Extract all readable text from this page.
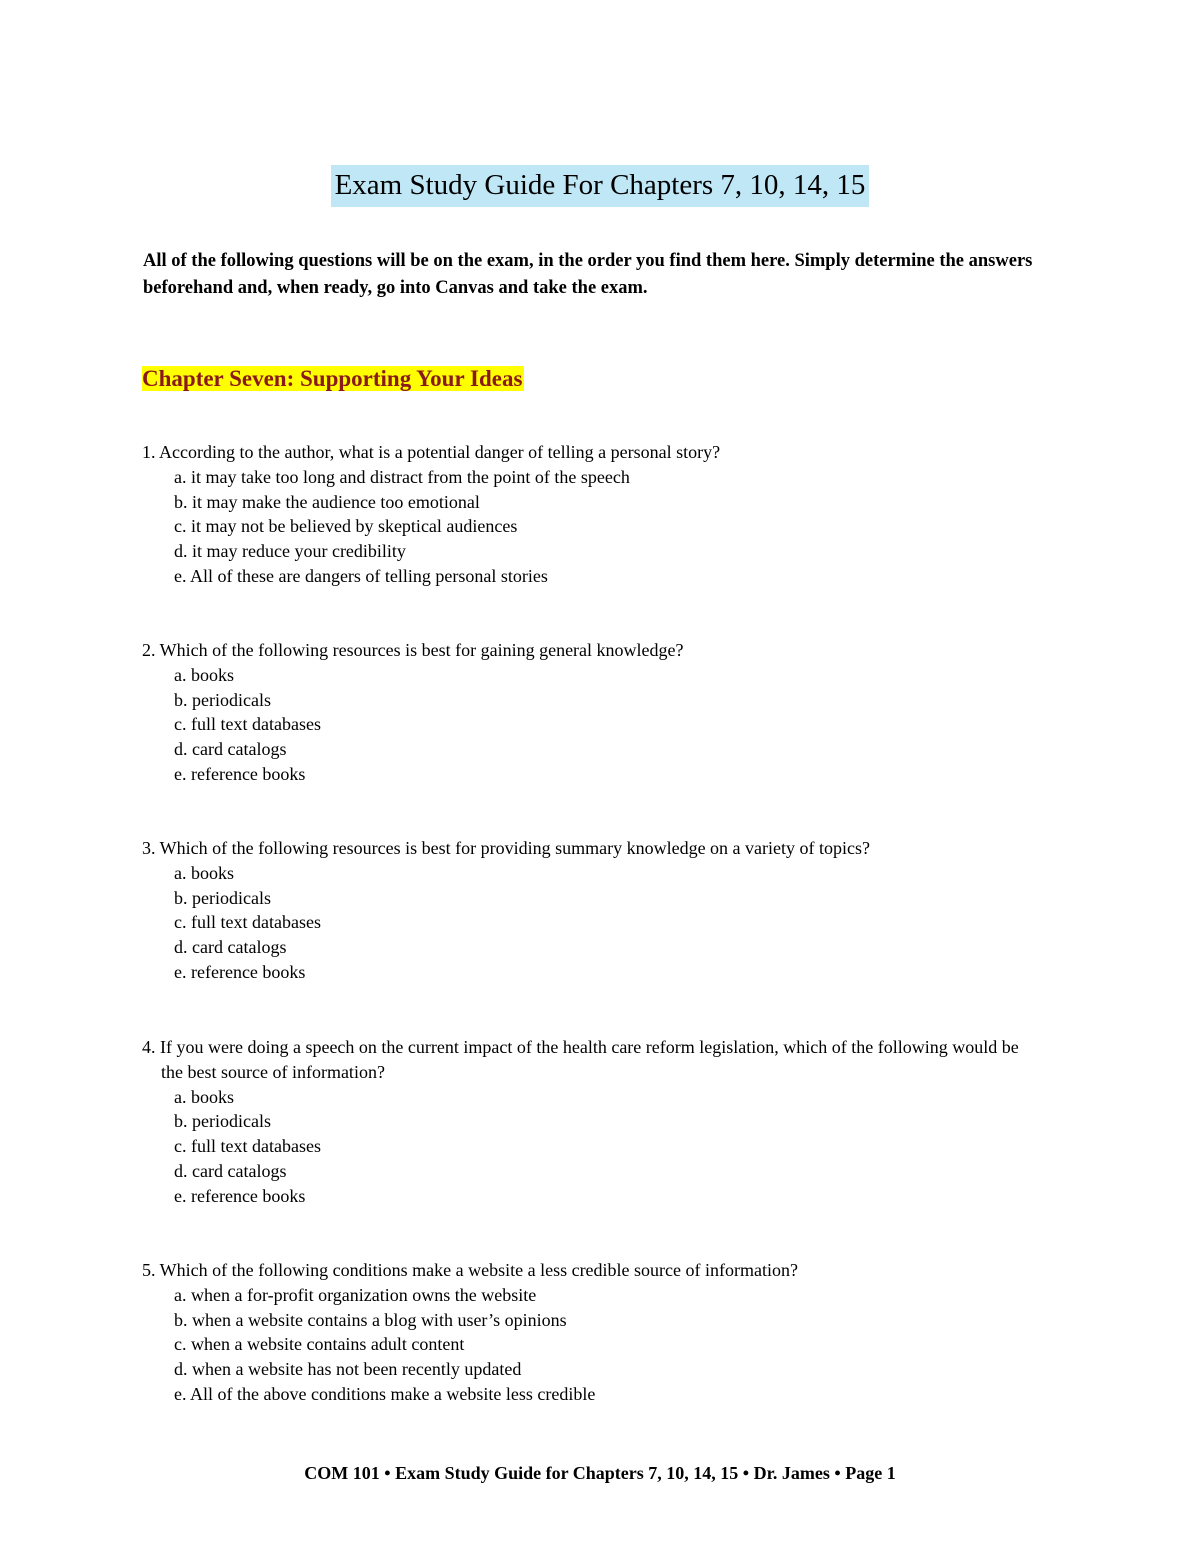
Exam Study Guide For Chapters 7, 10, 14, 15

All of the following questions will be on the exam, in the order you find them here. Simply determine the answers beforehand and, when ready, go into Canvas and take the exam.

Chapter Seven: Supporting Your Ideas

1. According to the author, what is a potential danger of telling a personal story?

a. it may take too long and distract from the point of the speech
b. it may make the audience too emotional
c. it may not be believed by skeptical audiences
d. it may reduce your credibility
e. All of these are dangers of telling personal stories

2. Which of the following resources is best for gaining general knowledge?

a. books
b. periodicals
c. full text databases
d. card catalogs
e. reference books

3. Which of the following resources is best for providing summary knowledge on a variety of topics?

a. books
b. periodicals
c. full text databases
d. card catalogs
e. reference books

4. If you were doing a speech on the current impact of the health care reform legislation, which of the following would be the best source of information?

a. books
b. periodicals
c. full text databases
d. card catalogs
e. reference books

5. Which of the following conditions make a website a less credible source of information?

a. when a for-profit organization owns the website
b. when a website contains a blog with user’s opinions
c. when a website contains adult content
d. when a website has not been recently updated
e. All of the above conditions make a website less credible
COM 101 • Exam Study Guide for Chapters 7, 10, 14, 15 • Dr. James • Page 1
